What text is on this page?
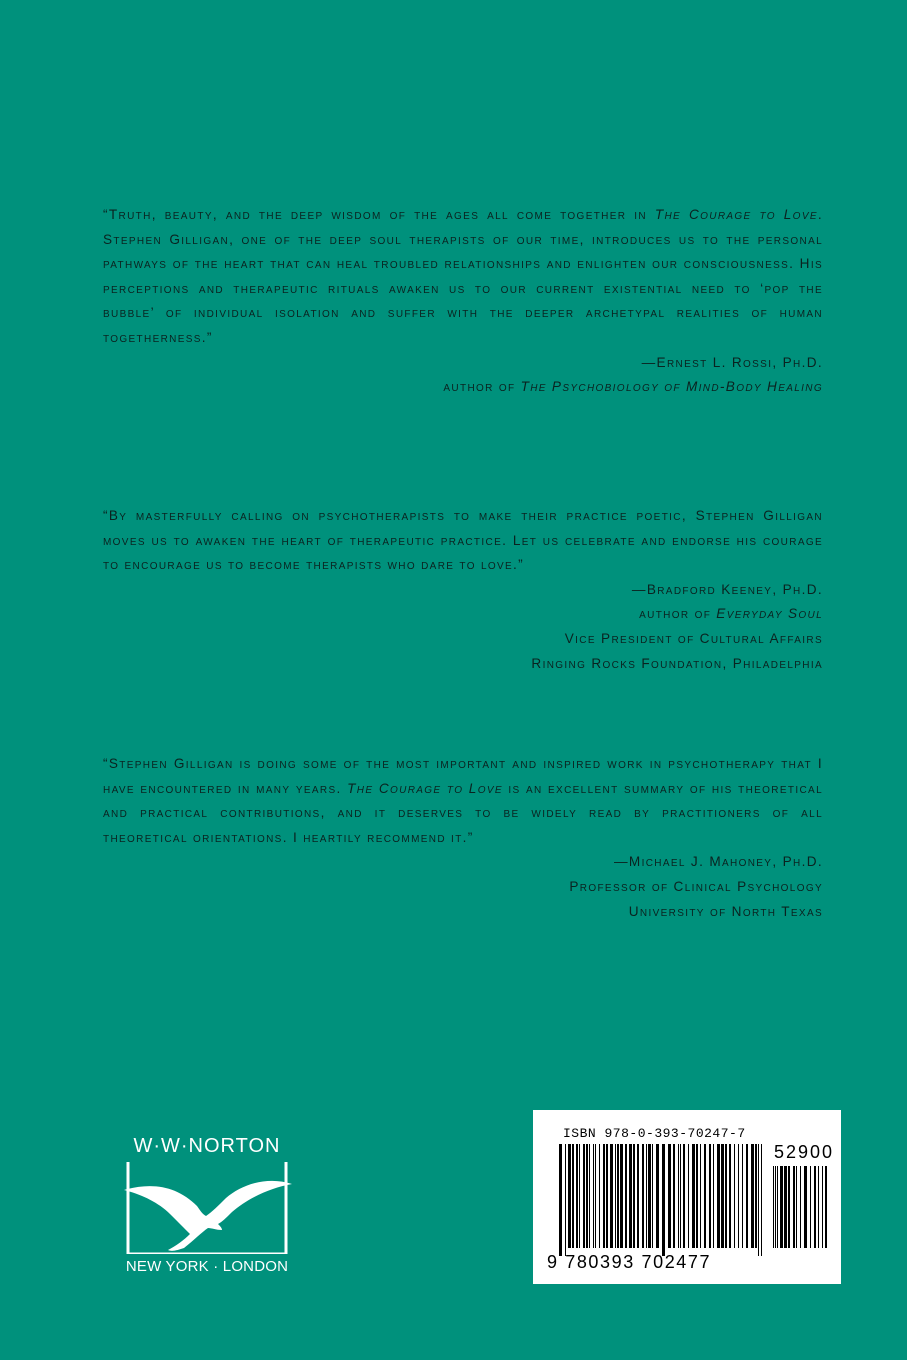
“Truth, beauty, and the deep wisdom of the ages all come together in The Courage to Love. Stephen Gilligan, one of the deep soul therapists of our time, introduces us to the personal pathways of the heart that can heal troubled relationships and enlighten our consciousness. His perceptions and therapeutic rituals awaken us to our current existential need to ‘pop the bubble’ of individual isolation and suffer with the deeper archetypal realities of human togetherness.”
—Ernest L. Rossi, Ph.D.
author of The Psychobiology of Mind-Body Healing
“By masterfully calling on psychotherapists to make their practice poetic, Stephen Gilligan moves us to awaken the heart of therapeutic practice. Let us celebrate and endorse his courage to encourage us to become therapists who dare to love.”
—Bradford Keeney, Ph.D.
author of Everyday Soul
Vice President of Cultural Affairs
Ringing Rocks Foundation, Philadelphia
“Stephen Gilligan is doing some of the most important and inspired work in psychotherapy that I have encountered in many years. The Courage to Love is an excellent summary of his theoretical and practical contributions, and it deserves to be widely read by practitioners of all theoretical orientations. I heartily recommend it.”
—Michael J. Mahoney, Ph.D.
Professor of Clinical Psychology
University of North Texas
W·W·NORTON
NEW YORK · LONDON
ISBN 978-0-393-70247-7
52900
9 780393 702477
